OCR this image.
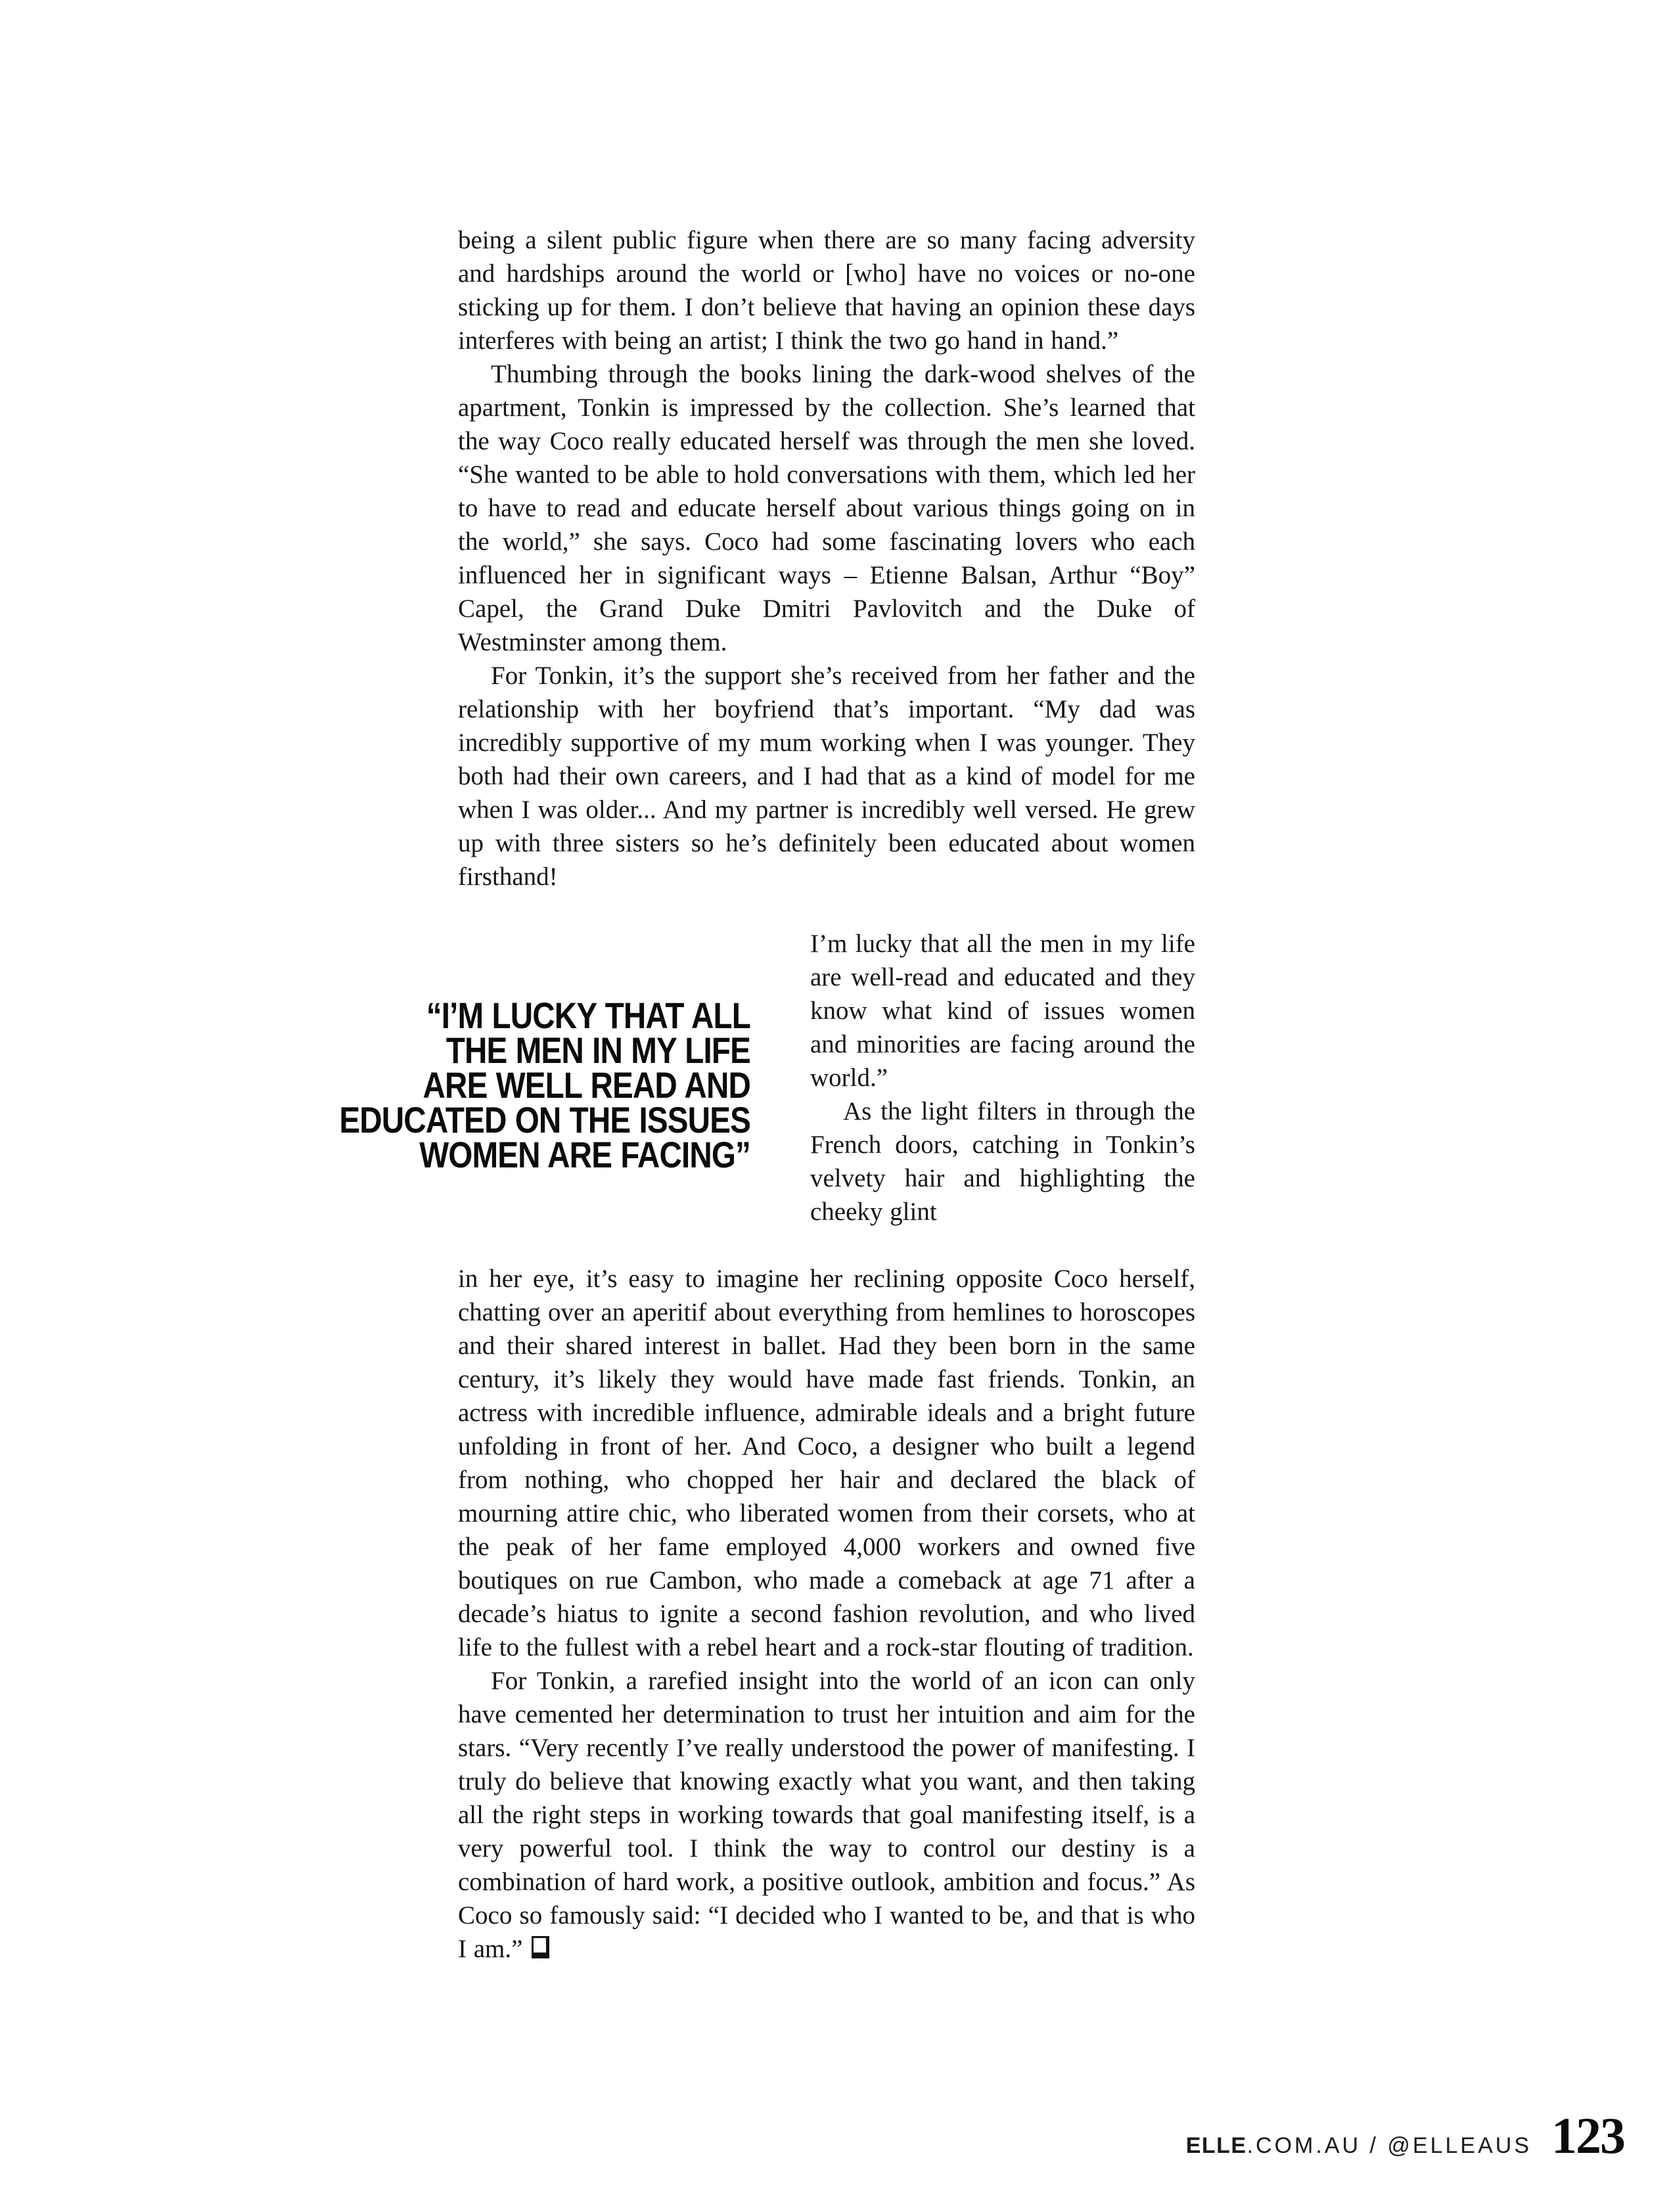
being a silent public figure when there are so many facing adversity and hardships around the world or [who] have no voices or no-one sticking up for them. I don’t believe that having an opinion these days interferes with being an artist; I think the two go hand in hand.”

Thumbing through the books lining the dark-wood shelves of the apartment, Tonkin is impressed by the collection. She’s learned that the way Coco really educated herself was through the men she loved. “She wanted to be able to hold conversations with them, which led her to have to read and educate herself about various things going on in the world,” she says. Coco had some fascinating lovers who each influenced her in significant ways – Etienne Balsan, Arthur “Boy” Capel, the Grand Duke Dmitri Pavlovitch and the Duke of Westminster among them.

For Tonkin, it’s the support she’s received from her father and the relationship with her boyfriend that’s important. “My dad was incredibly supportive of my mum working when I was younger. They both had their own careers, and I had that as a kind of model for me when I was older... And my partner is incredibly well versed. He grew up with three sisters so he’s definitely been educated about women firsthand!

“I’M LUCKY THAT ALL
THE MEN IN MY LIFE
ARE WELL READ AND
EDUCATED ON THE ISSUES
WOMEN ARE FACING”

I’m lucky that all the men in my life are well-read and educated and they know what kind of issues women and minorities are facing around the world.”

As the light filters in through the French doors, catching in Tonkin’s velvety hair and highlighting the cheeky glint

in her eye, it’s easy to imagine her reclining opposite Coco herself, chatting over an aperitif about everything from hemlines to horoscopes and their shared interest in ballet. Had they been born in the same century, it’s likely they would have made fast friends. Tonkin, an actress with incredible influence, admirable ideals and a bright future unfolding in front of her. And Coco, a designer who built a legend from nothing, who chopped her hair and declared the black of mourning attire chic, who liberated women from their corsets, who at the peak of her fame employed 4,000 workers and owned five boutiques on rue Cambon, who made a comeback at age 71 after a decade’s hiatus to ignite a second fashion revolution, and who lived life to the fullest with a rebel heart and a rock-star flouting of tradition.

For Tonkin, a rarefied insight into the world of an icon can only have cemented her determination to trust her intuition and aim for the stars. “Very recently I’ve really understood the power of manifesting. I truly do believe that knowing exactly what you want, and then taking all the right steps in working towards that goal manifesting itself, is a very powerful tool. I think the way to control our destiny is a combination of hard work, a positive outlook, ambition and focus.” As Coco so famously said: “I decided who I wanted to be, and that is who I am.”

ELLE.COM.AU / @ELLEAUS 123
